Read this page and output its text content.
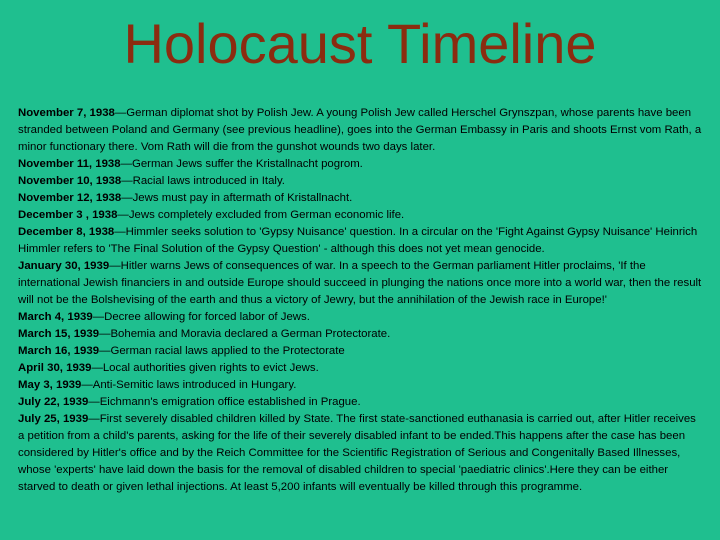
Holocaust Timeline

November 7, 1938—German diplomat shot by Polish Jew. A young Polish Jew called Herschel Grynszpan, whose parents have been stranded between Poland and Germany (see previous headline), goes into the German Embassy in Paris and shoots Ernst vom Rath, a minor functionary there. Vom Rath will die from the gunshot wounds two days later.

November 11, 1938—German Jews suffer the Kristallnacht pogrom.

November 10, 1938—Racial laws introduced in Italy.

November 12, 1938—Jews must pay in aftermath of Kristallnacht.

December 3 , 1938—Jews completely excluded from German economic life.

December 8, 1938—Himmler seeks solution to 'Gypsy Nuisance' question. In a circular on the 'Fight Against Gypsy Nuisance' Heinrich Himmler refers to 'The Final Solution of the Gypsy Question' - although this does not yet mean genocide.

January 30, 1939—Hitler warns Jews of consequences of war. In a speech to the German parliament Hitler proclaims, 'If the international Jewish financiers in and outside Europe should succeed in plunging the nations once more into a world war, then the result will not be the Bolshevising of the earth and thus a victory of Jewry, but the annihilation of the Jewish race in Europe!'

March 4, 1939—Decree allowing for forced labor of Jews.

March 15, 1939—Bohemia and Moravia declared a German Protectorate.

March 16, 1939—German racial laws applied to the Protectorate

April 30, 1939—Local authorities given rights to evict Jews.

May 3, 1939—Anti-Semitic laws introduced in Hungary.

July 22, 1939—Eichmann's emigration office established in Prague.

July 25, 1939—First severely disabled children killed by State. The first state-sanctioned euthanasia is carried out, after Hitler receives a petition from a child's parents, asking for the life of their severely disabled infant to be ended.This happens after the case has been considered by Hitler's office and by the Reich Committee for the Scientific Registration of Serious and Congenitally Based Illnesses, whose 'experts' have laid down the basis for the removal of disabled children to special 'paediatric clinics'.Here they can be either starved to death or given lethal injections. At least 5,200 infants will eventually be killed through this programme.
